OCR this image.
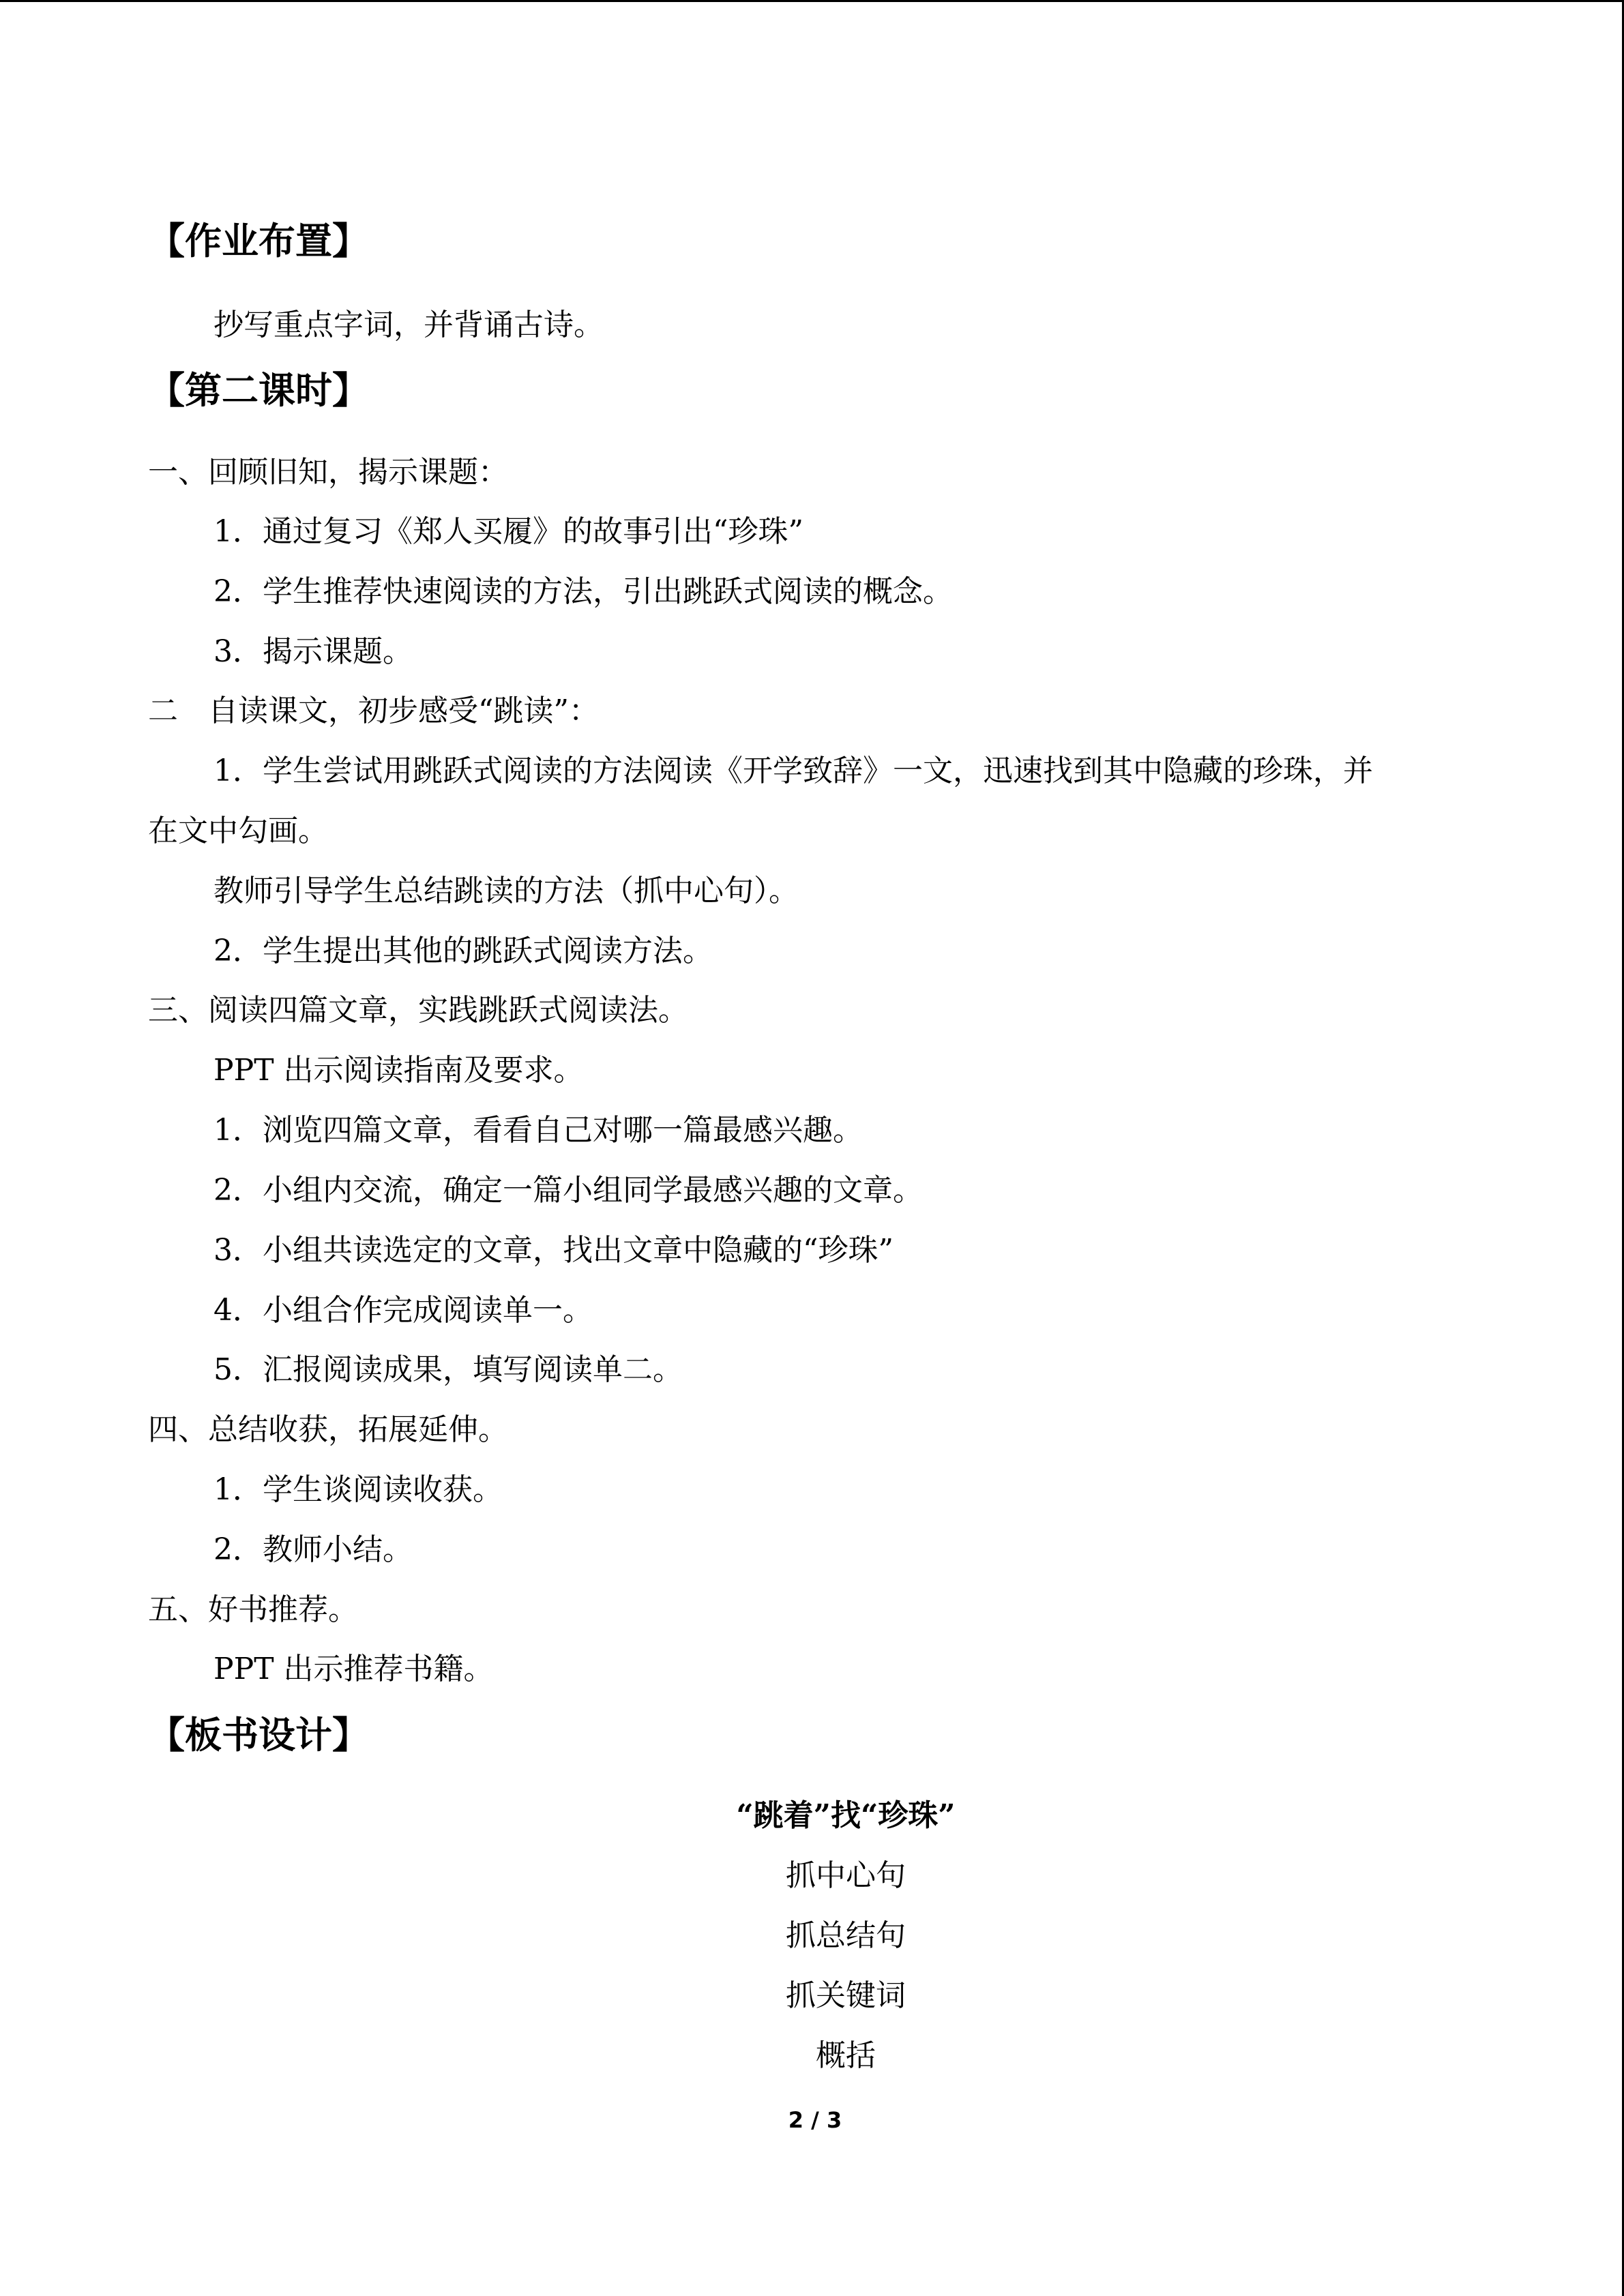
【作业布置】
抄写重点字词，并背诵古诗。
【第二课时】
一、回顾旧知，揭示课题：
1．通过复习《郑人买履》的故事引出“珍珠”
2．学生推荐快速阅读的方法，引出跳跃式阅读的概念。
3．揭示课题。
二　自读课文，初步感受“跳读”：
1．学生尝试用跳跃式阅读的方法阅读《开学致辞》一文，迅速找到其中隐藏的珍珠，并
在文中勾画。
教师引导学生总结跳读的方法（抓中心句）。
2．学生提出其他的跳跃式阅读方法。
三、阅读四篇文章，实践跳跃式阅读法。
PPT 出示阅读指南及要求。
1．浏览四篇文章，看看自己对哪一篇最感兴趣。
2．小组内交流，确定一篇小组同学最感兴趣的文章。
3．小组共读选定的文章，找出文章中隐藏的“珍珠”
4．小组合作完成阅读单一。
5．汇报阅读成果，填写阅读单二。
四、总结收获，拓展延伸。
1．学生谈阅读收获。
2．教师小结。
五、好书推荐。
PPT 出示推荐书籍。
【板书设计】
“跳着”找“珍珠”
抓中心句
抓总结句
抓关键词
概括
2 / 3
